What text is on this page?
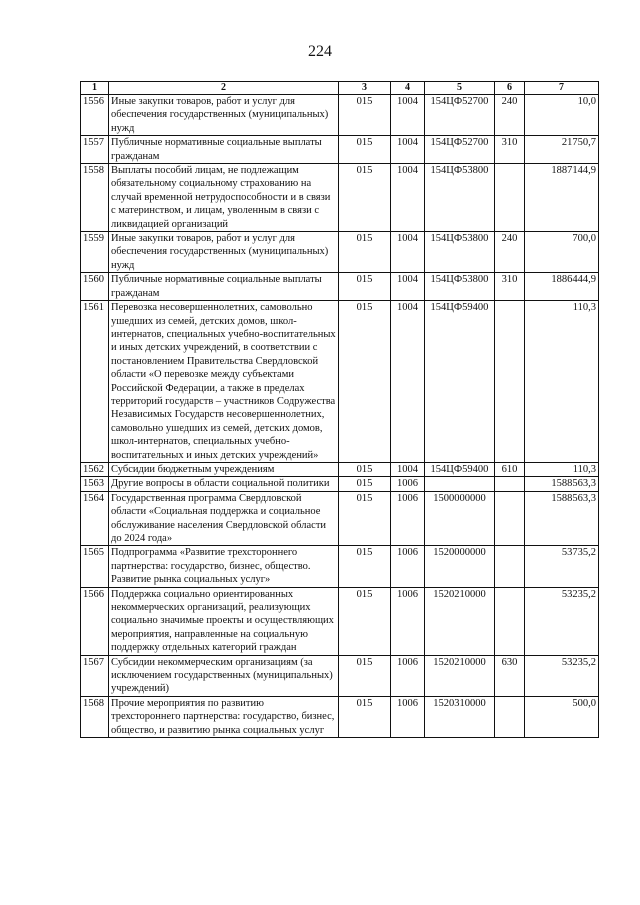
224
1	2	3	4	5	6	7
1556	Иные закупки товаров, работ и услуг для обеспечения государственных (муниципальных) нужд	015	1004	154ЦФ52700	240	10,0
1557	Публичные нормативные социальные выплаты гражданам	015	1004	154ЦФ52700	310	21750,7
1558	Выплаты пособий лицам, не подлежащим обязательному социальному страхованию на случай временной нетрудоспособности и в связи с материнством, и лицам, уволенным в связи с ликвидацией организаций	015	1004	154ЦФ53800		1887144,9
1559	Иные закупки товаров, работ и услуг для обеспечения государственных (муниципальных) нужд	015	1004	154ЦФ53800	240	700,0
1560	Публичные нормативные социальные выплаты гражданам	015	1004	154ЦФ53800	310	1886444,9
1561	Перевозка несовершеннолетних, самовольно ушедших из семей, детских домов, школ-интернатов, специальных учебно-воспитательных и иных детских учреждений, в соответствии с постановлением Правительства Свердловской области «О перевозке между субъектами Российской Федерации, а также в пределах территорий государств – участников Содружества Независимых Государств несовершеннолетних, самовольно ушедших из семей, детских домов, школ-интернатов, специальных учебно-воспитательных и иных детских учреждений»	015	1004	154ЦФ59400		110,3
1562	Субсидии бюджетным учреждениям	015	1004	154ЦФ59400	610	110,3
1563	Другие вопросы в области социальной политики	015	1006			1588563,3
1564	Государственная программа Свердловской области «Социальная поддержка и социальное обслуживание населения Свердловской области до 2024 года»	015	1006	1500000000		1588563,3
1565	Подпрограмма «Развитие трехстороннего партнерства: государство, бизнес, общество. Развитие рынка социальных услуг»	015	1006	1520000000		53735,2
1566	Поддержка социально ориентированных некоммерческих организаций, реализующих социально значимые проекты и осуществляющих мероприятия, направленные на социальную поддержку отдельных категорий граждан	015	1006	1520210000		53235,2
1567	Субсидии некоммерческим организациям (за исключением государственных (муниципальных) учреждений)	015	1006	1520210000	630	53235,2
1568	Прочие мероприятия по развитию трехстороннего партнерства: государство, бизнес, общество, и развитию рынка социальных услуг	015	1006	1520310000		500,0
